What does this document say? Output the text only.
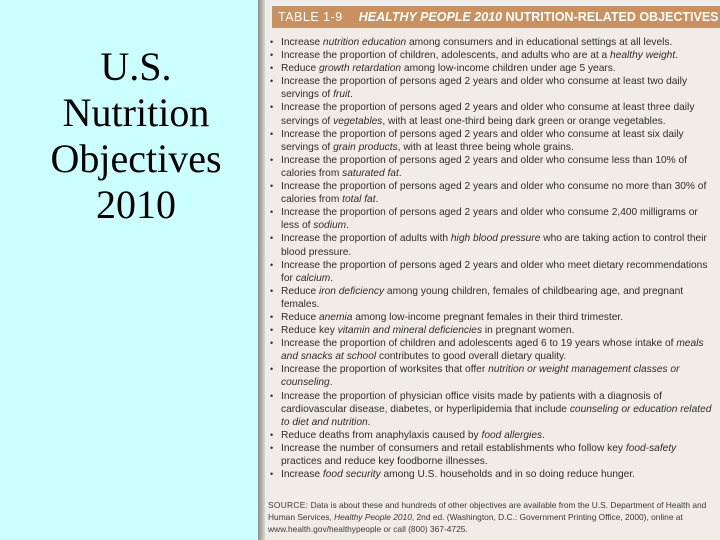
U.S.
Nutrition
Objectives
2010
TABLE 1-9 HEALTHY PEOPLE 2010 NUTRITION-RELATED OBJECTIVES
• Increase nutrition education among consumers and in educational settings at all levels.
• Increase the proportion of children, adolescents, and adults who are at a healthy weight.
• Reduce growth retardation among low-income children under age 5 years.
• Increase the proportion of persons aged 2 years and older who consume at least two daily servings of fruit.
• Increase the proportion of persons aged 2 years and older who consume at least three daily servings of vegetables, with at least one-third being dark green or orange vegetables.
• Increase the proportion of persons aged 2 years and older who consume at least six daily servings of grain products, with at least three being whole grains.
• Increase the proportion of persons aged 2 years and older who consume less than 10% of calories from saturated fat.
• Increase the proportion of persons aged 2 years and older who consume no more than 30% of calories from total fat.
• Increase the proportion of persons aged 2 years and older who consume 2,400 milligrams or less of sodium.
• Increase the proportion of adults with high blood pressure who are taking action to control their blood pressure.
• Increase the proportion of persons aged 2 years and older who meet dietary recommendations for calcium.
• Reduce iron deficiency among young children, females of childbearing age, and pregnant females.
• Reduce anemia among low-income pregnant females in their third trimester.
• Reduce key vitamin and mineral deficiencies in pregnant women.
• Increase the proportion of children and adolescents aged 6 to 19 years whose intake of meals and snacks at school contributes to good overall dietary quality.
• Increase the proportion of worksites that offer nutrition or weight management classes or counseling.
• Increase the proportion of physician office visits made by patients with a diagnosis of cardiovascular disease, diabetes, or hyperlipidemia that include counseling or education related to diet and nutrition.
• Reduce deaths from anaphylaxis caused by food allergies.
• Increase the number of consumers and retail establishments who follow key food-safety practices and reduce key foodborne illnesses.
• Increase food security among U.S. households and in so doing reduce hunger.
SOURCE: Data is about these and hundreds of other objectives are available from the U.S. Department of Health and Human Services, Healthy People 2010, 2nd ed. (Washington, D.C.: Government Printing Office, 2000), online at www.health.gov/healthypeople or call (800) 367-4725.
